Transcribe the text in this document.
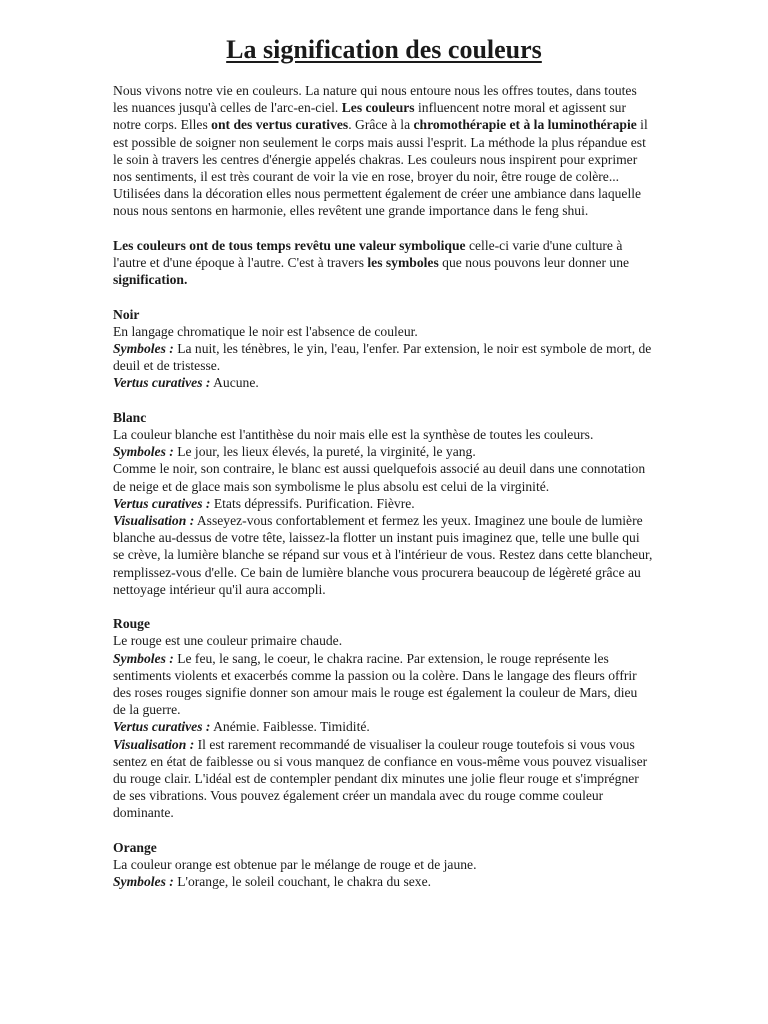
La signification des couleurs

Nous vivons notre vie en couleurs. La nature qui nous entoure nous les offres toutes, dans toutes les nuances jusqu'à celles de l'arc-en-ciel. Les couleurs influencent notre moral et agissent sur notre corps. Elles ont des vertus curatives. Grâce à la chromothérapie et à la luminothérapie il est possible de soigner non seulement le corps mais aussi l'esprit. La méthode la plus répandue est le soin à travers les centres d'énergie appelés chakras. Les couleurs nous inspirent pour exprimer nos sentiments, il est très courant de voir la vie en rose, broyer du noir, être rouge de colère... Utilisées dans la décoration elles nous permettent également de créer une ambiance dans laquelle nous nous sentons en harmonie, elles revêtent une grande importance dans le feng shui.

Les couleurs ont de tous temps revêtu une valeur symbolique celle-ci varie d'une culture à l'autre et d'une époque à l'autre. C'est à travers les symboles que nous pouvons leur donner une signification.

Noir
En langage chromatique le noir est l'absence de couleur.
Symboles : La nuit, les ténèbres, le yin, l'eau, l'enfer. Par extension, le noir est symbole de mort, de deuil et de tristesse.
Vertus curatives : Aucune.
Blanc
La couleur blanche est l'antithèse du noir mais elle est la synthèse de toutes les couleurs.
Symboles : Le jour, les lieux élevés, la pureté, la virginité, le yang.
Comme le noir, son contraire, le blanc est aussi quelquefois associé au deuil dans une connotation de neige et de glace mais son symbolisme le plus absolu est celui de la virginité.
Vertus curatives : Etats dépressifs. Purification. Fièvre.
Visualisation : Asseyez-vous confortablement et fermez les yeux. Imaginez une boule de lumière blanche au-dessus de votre tête, laissez-la flotter un instant puis imaginez que, telle une bulle qui se crève, la lumière blanche se répand sur vous et à l'intérieur de vous. Restez dans cette blancheur, remplissez-vous d'elle. Ce bain de lumière blanche vous procurera beaucoup de légèreté grâce au nettoyage intérieur qu'il aura accompli.
Rouge
Le rouge est une couleur primaire chaude.
Symboles : Le feu, le sang, le coeur, le chakra racine. Par extension, le rouge représente les sentiments violents et exacerbés comme la passion ou la colère. Dans le langage des fleurs offrir des roses rouges signifie donner son amour mais le rouge est également la couleur de Mars, dieu de la guerre.
Vertus curatives : Anémie. Faiblesse. Timidité.
Visualisation : Il est rarement recommandé de visualiser la couleur rouge toutefois si vous vous sentez en état de faiblesse ou si vous manquez de confiance en vous-même vous pouvez visualiser du rouge clair. L'idéal est de contempler pendant dix minutes une jolie fleur rouge et s'imprégner de ses vibrations. Vous pouvez également créer un mandala avec du rouge comme couleur dominante.
Orange
La couleur orange est obtenue par le mélange de rouge et de jaune.
Symboles : L'orange, le soleil couchant, le chakra du sexe.
